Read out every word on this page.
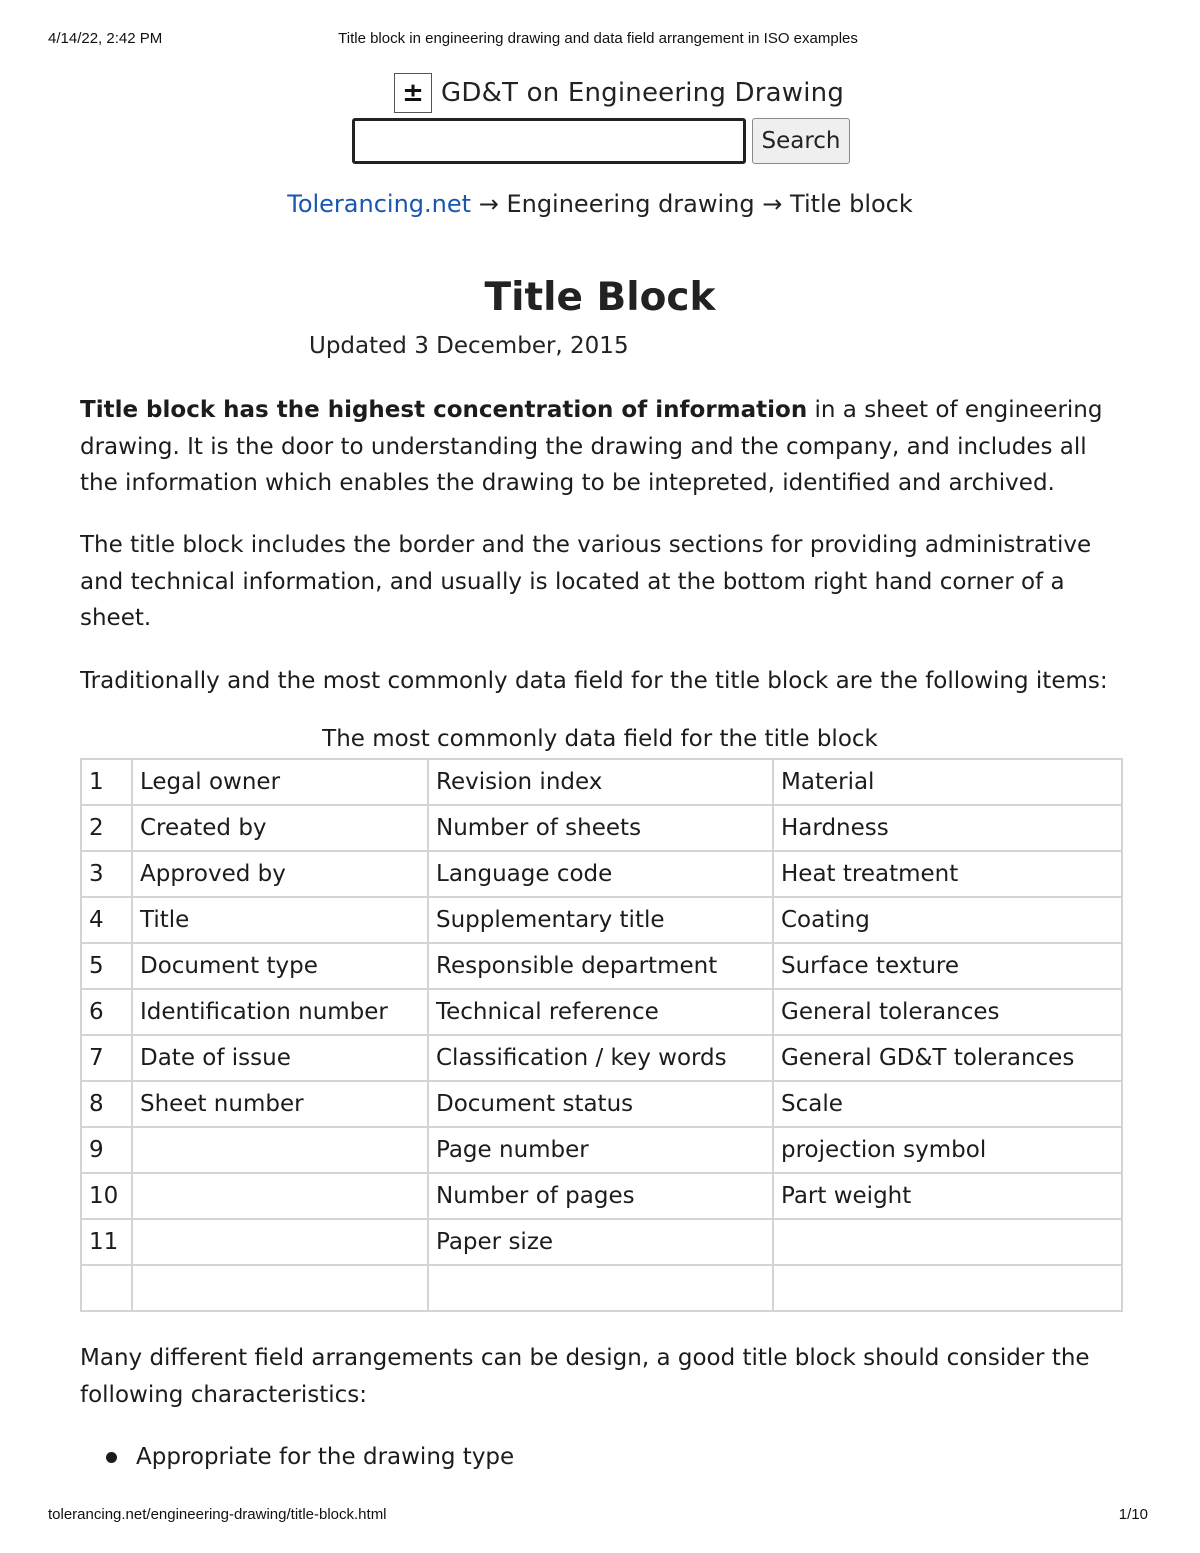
4/14/22, 2:42 PM	Title block in engineering drawing and data field arrangement in ISO examples
± GD&T on Engineering Drawing
Search
Tolerancing.net → Engineering drawing → Title block
Title Block
Updated 3 December, 2015

Title block has the highest concentration of information in a sheet of engineering drawing. It is the door to understanding the drawing and the company, and includes all the information which enables the drawing to be intepreted, identified and archived.

The title block includes the border and the various sections for providing administrative and technical information, and usually is located at the bottom right hand corner of a sheet.

Traditionally and the most commonly data field for the title block are the following items:

The most commonly data field for the title block
1	Legal owner	Revision index	Material
2	Created by	Number of sheets	Hardness
3	Approved by	Language code	Heat treatment
4	Title	Supplementary title	Coating
5	Document type	Responsible department	Surface texture
6	Identification number	Technical reference	General tolerances
7	Date of issue	Classification / key words	General GD&T tolerances
8	Sheet number	Document status	Scale
9		Page number	projection symbol
10		Number of pages	Part weight
11		Paper size	

Many different field arrangements can be design, a good title block should consider the following characteristics:

Appropriate for the drawing type
tolerancing.net/engineering-drawing/title-block.html	1/10
